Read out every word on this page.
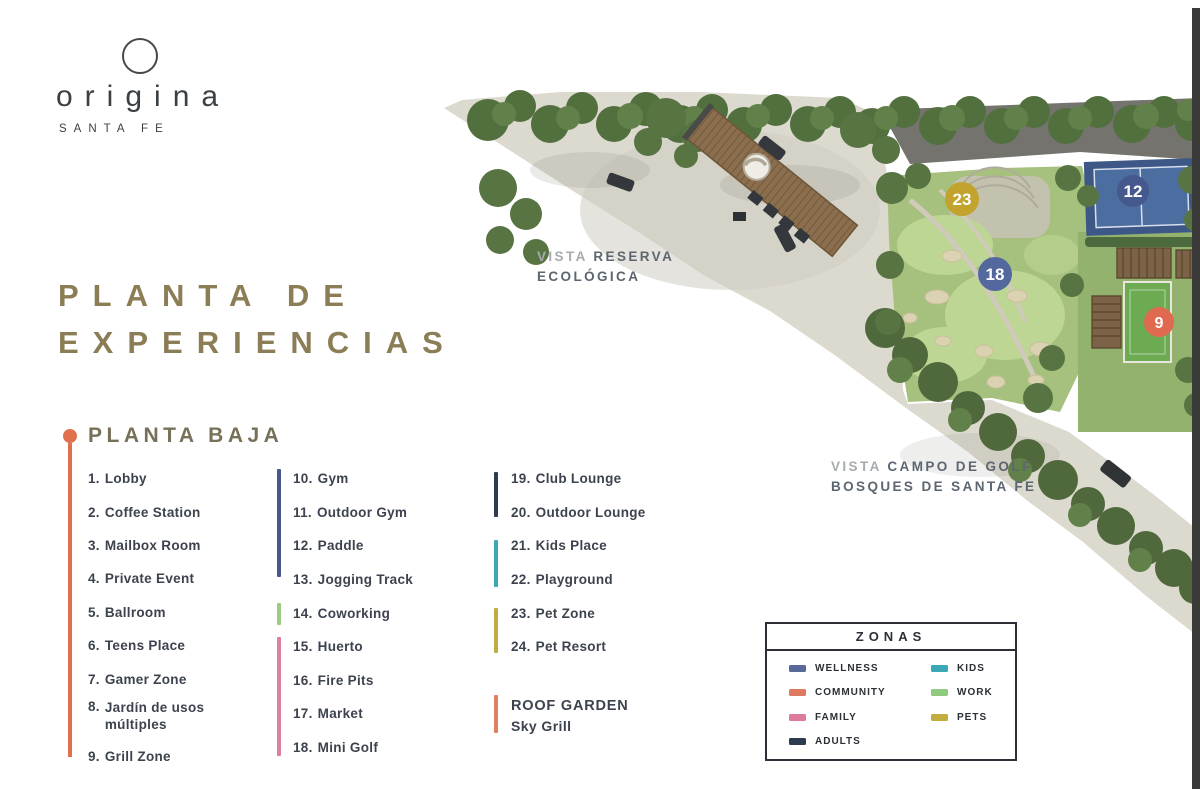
origina
SANTA FE
PLANTA DE
EXPERIENCIAS
PLANTA BAJA
1. Lobby
2. Coffee Station
3. Mailbox Room
4. Private Event
5. Ballroom
6. Teens Place
7. Gamer Zone
8. Jardín de usos múltiples
9. Grill Zone
10. Gym
11. Outdoor Gym
12. Paddle
13. Jogging Track
14. Coworking
15. Huerto
16. Fire Pits
17. Market
18. Mini Golf
19. Club Lounge
20. Outdoor Lounge
21. Kids Place
22. Playground
23. Pet Zone
24. Pet Resort
ROOF GARDEN
Sky Grill
23
18
12
9
VISTA RESERVA
ECOLÓGICA
VISTA CAMPO DE GOLF
BOSQUES DE SANTA FE
ZONAS
WELLNESS
COMMUNITY
FAMILY
ADULTS
KIDS
WORK
PETS
